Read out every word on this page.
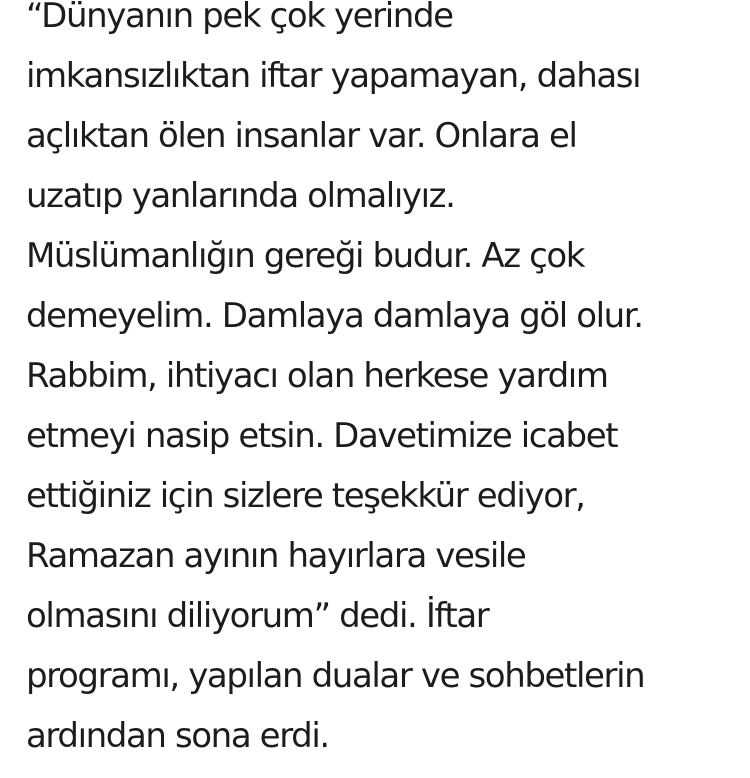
“Dünyanın pek çok yerinde

imkansızlıktan iftar yapamayan, dahası

açlıktan ölen insanlar var. Onlara el

uzatıp yanlarında olmalıyız.

Müslümanlığın gereği budur. Az çok

demeyelim. Damlaya damlaya göl olur.

Rabbim, ihtiyacı olan herkese yardım

etmeyi nasip etsin. Davetimize icabet

ettiğiniz için sizlere teşekkür ediyor,

Ramazan ayının hayırlara vesile

olmasını diliyorum” dedi. İftar

programı, yapılan dualar ve sohbetlerin

ardından sona erdi.
